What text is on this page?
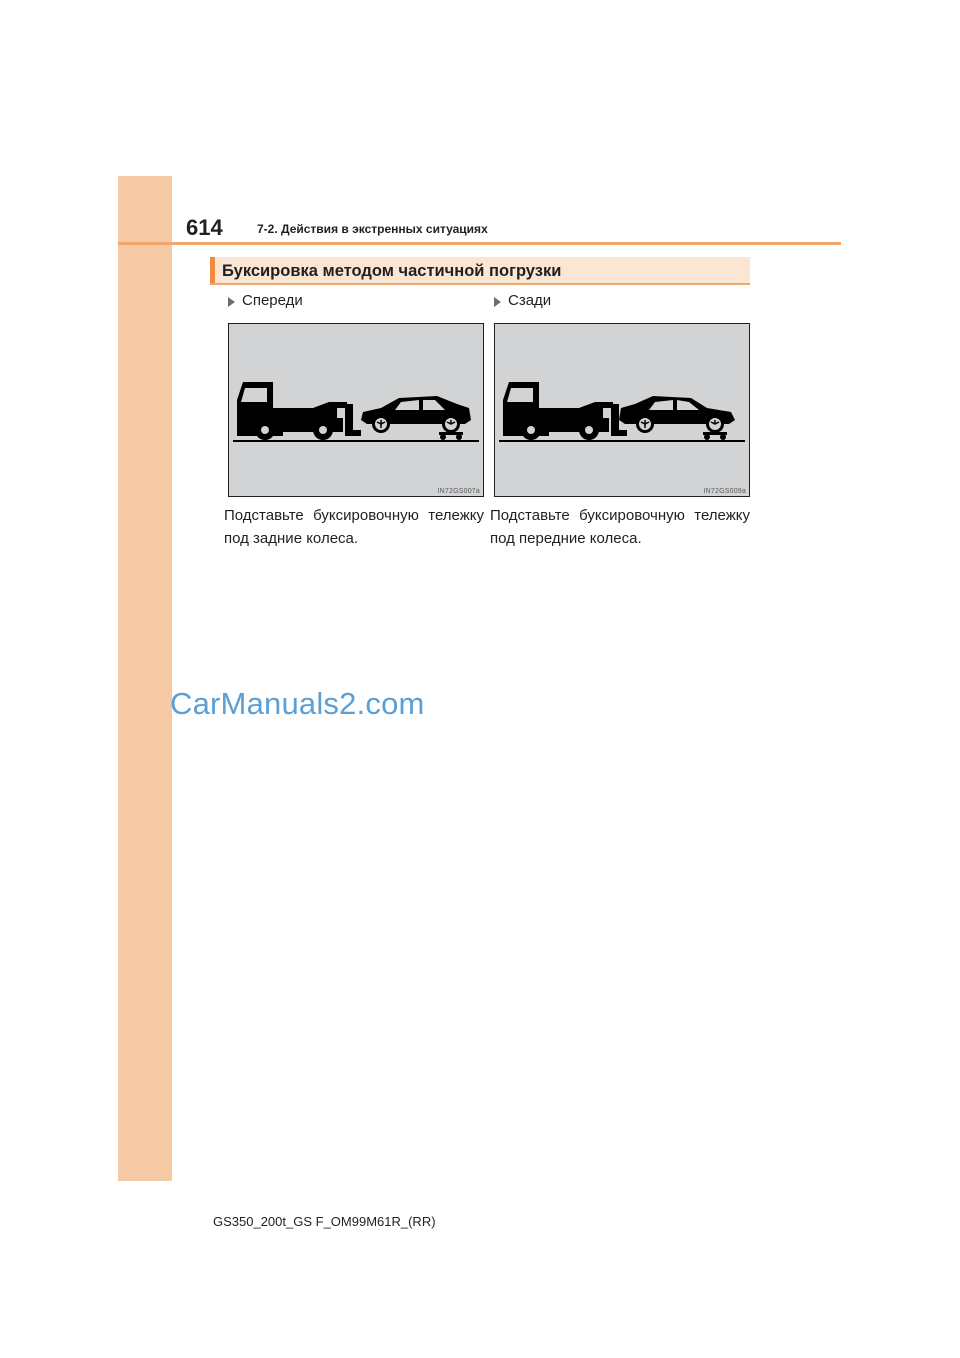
614	7-2. Действия в экстренных ситуациях
Буксировка методом частичной погрузки
Спереди
IN72GS007a
Подставьте буксировочную тележку под задние колеса.
Сзади
IN72GS009a
Подставьте буксировочную тележку под передние колеса.
CarManuals2.com
GS350_200t_GS F_OM99M61R_(RR)
